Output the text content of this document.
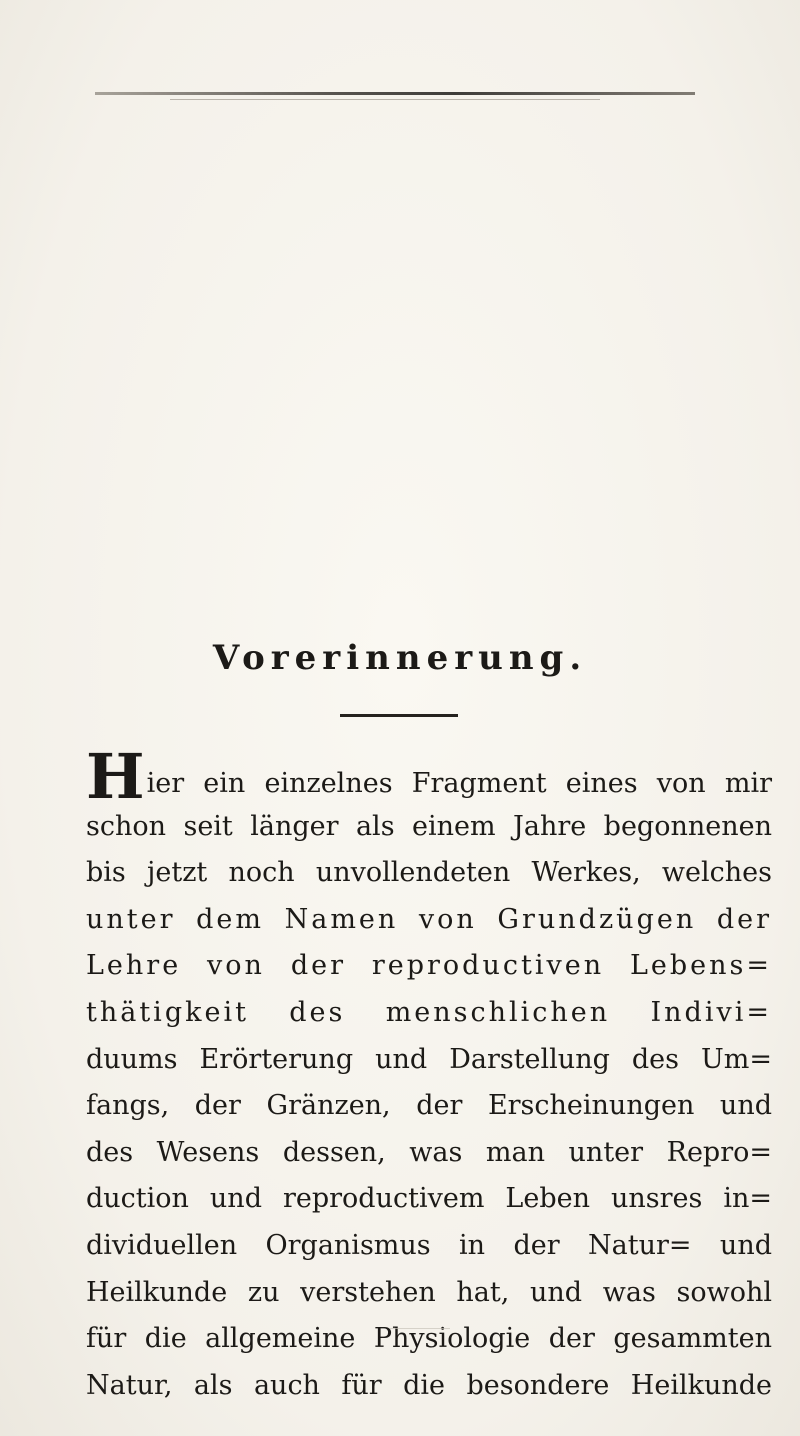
Vorerinnerung.
Hier ein einzelnes Fragment eines von mir
schon seit länger als einem Jahre begonnenen
bis jetzt noch unvollendeten Werkes, welches
unter dem Namen von Grundzügen der
Lehre von der reproductiven Lebens=
thätigkeit des menschlichen Indivi=
duums Erörterung und Darstellung des Um=
fangs, der Gränzen, der Erscheinungen und
des Wesens dessen, was man unter Repro=
duction und reproductivem Leben unsres in=
dividuellen Organismus in der Natur= und
Heilkunde zu verstehen hat, und was sowohl
für die allgemeine Physiologie der gesammten
Natur, als auch für die besondere Heilkunde
